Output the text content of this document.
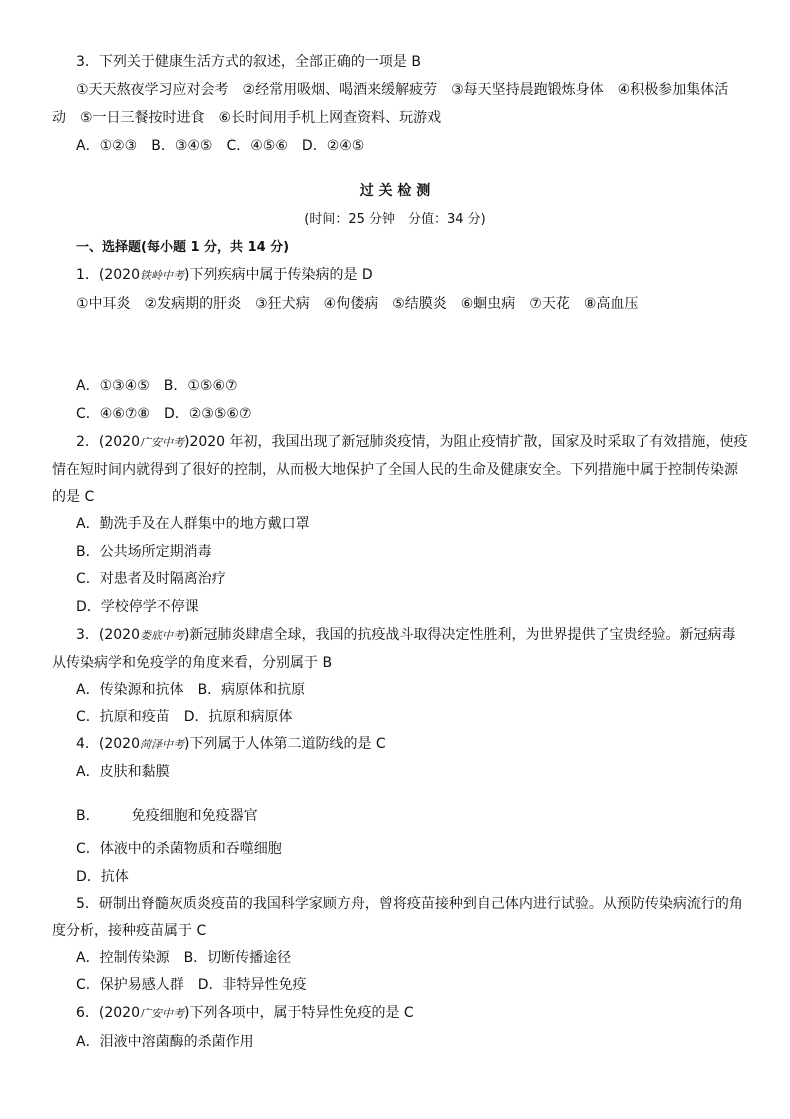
3．下列关于健康生活方式的叙述，全部正确的一项是 B
①天天熬夜学习应对会考　②经常用吸烟、喝酒来缓解疲劳　③每天坚持晨跑锻炼身体　④积极参加集体活
动　⑤一日三餐按时进食　⑥长时间用手机上网查资料、玩游戏
A．①②③　B．③④⑤　C．④⑤⑥　D．②④⑤
过 关 检 测
(时间：25 分钟　分值：34 分)
一、选择题(每小题 1 分，共 14 分)
1．(2020铁岭中考)下列疾病中属于传染病的是 D
①中耳炎　②发病期的肝炎　③狂犬病　④佝偻病　⑤结膜炎　⑥蛔虫病　⑦天花　⑧高血压
A．①③④⑤　B．①⑤⑥⑦
C．④⑥⑦⑧　D．②③⑤⑥⑦
2．(2020广安中考)2020 年初，我国出现了新冠肺炎疫情，为阻止疫情扩散，国家及时采取了有效措施，使疫
情在短时间内就得到了很好的控制，从而极大地保护了全国人民的生命及健康安全。下列措施中属于控制传染源
的是 C
A．勤洗手及在人群集中的地方戴口罩
B．公共场所定期消毒
C．对患者及时隔离治疗
D．学校停学不停课
3．(2020娄底中考)新冠肺炎肆虐全球，我国的抗疫战斗取得决定性胜利，为世界提供了宝贵经验。新冠病毒
从传染病学和免疫学的角度来看，分别属于 B
A．传染源和抗体　B．病原体和抗原
C．抗原和疫苗　D．抗原和病原体
4．(2020菏泽中考)下列属于人体第二道防线的是 C
A．皮肤和黏膜
B． 免疫细胞和免疫器官
C．体液中的杀菌物质和吞噬细胞
D．抗体
5．研制出脊髓灰质炎疫苗的我国科学家顾方舟，曾将疫苗接种到自己体内进行试验。从预防传染病流行的角
度分析，接种疫苗属于 C
A．控制传染源　B．切断传播途径
C．保护易感人群　D．非特异性免疫
6．(2020广安中考)下列各项中，属于特异性免疫的是 C
A．泪液中溶菌酶的杀菌作用
